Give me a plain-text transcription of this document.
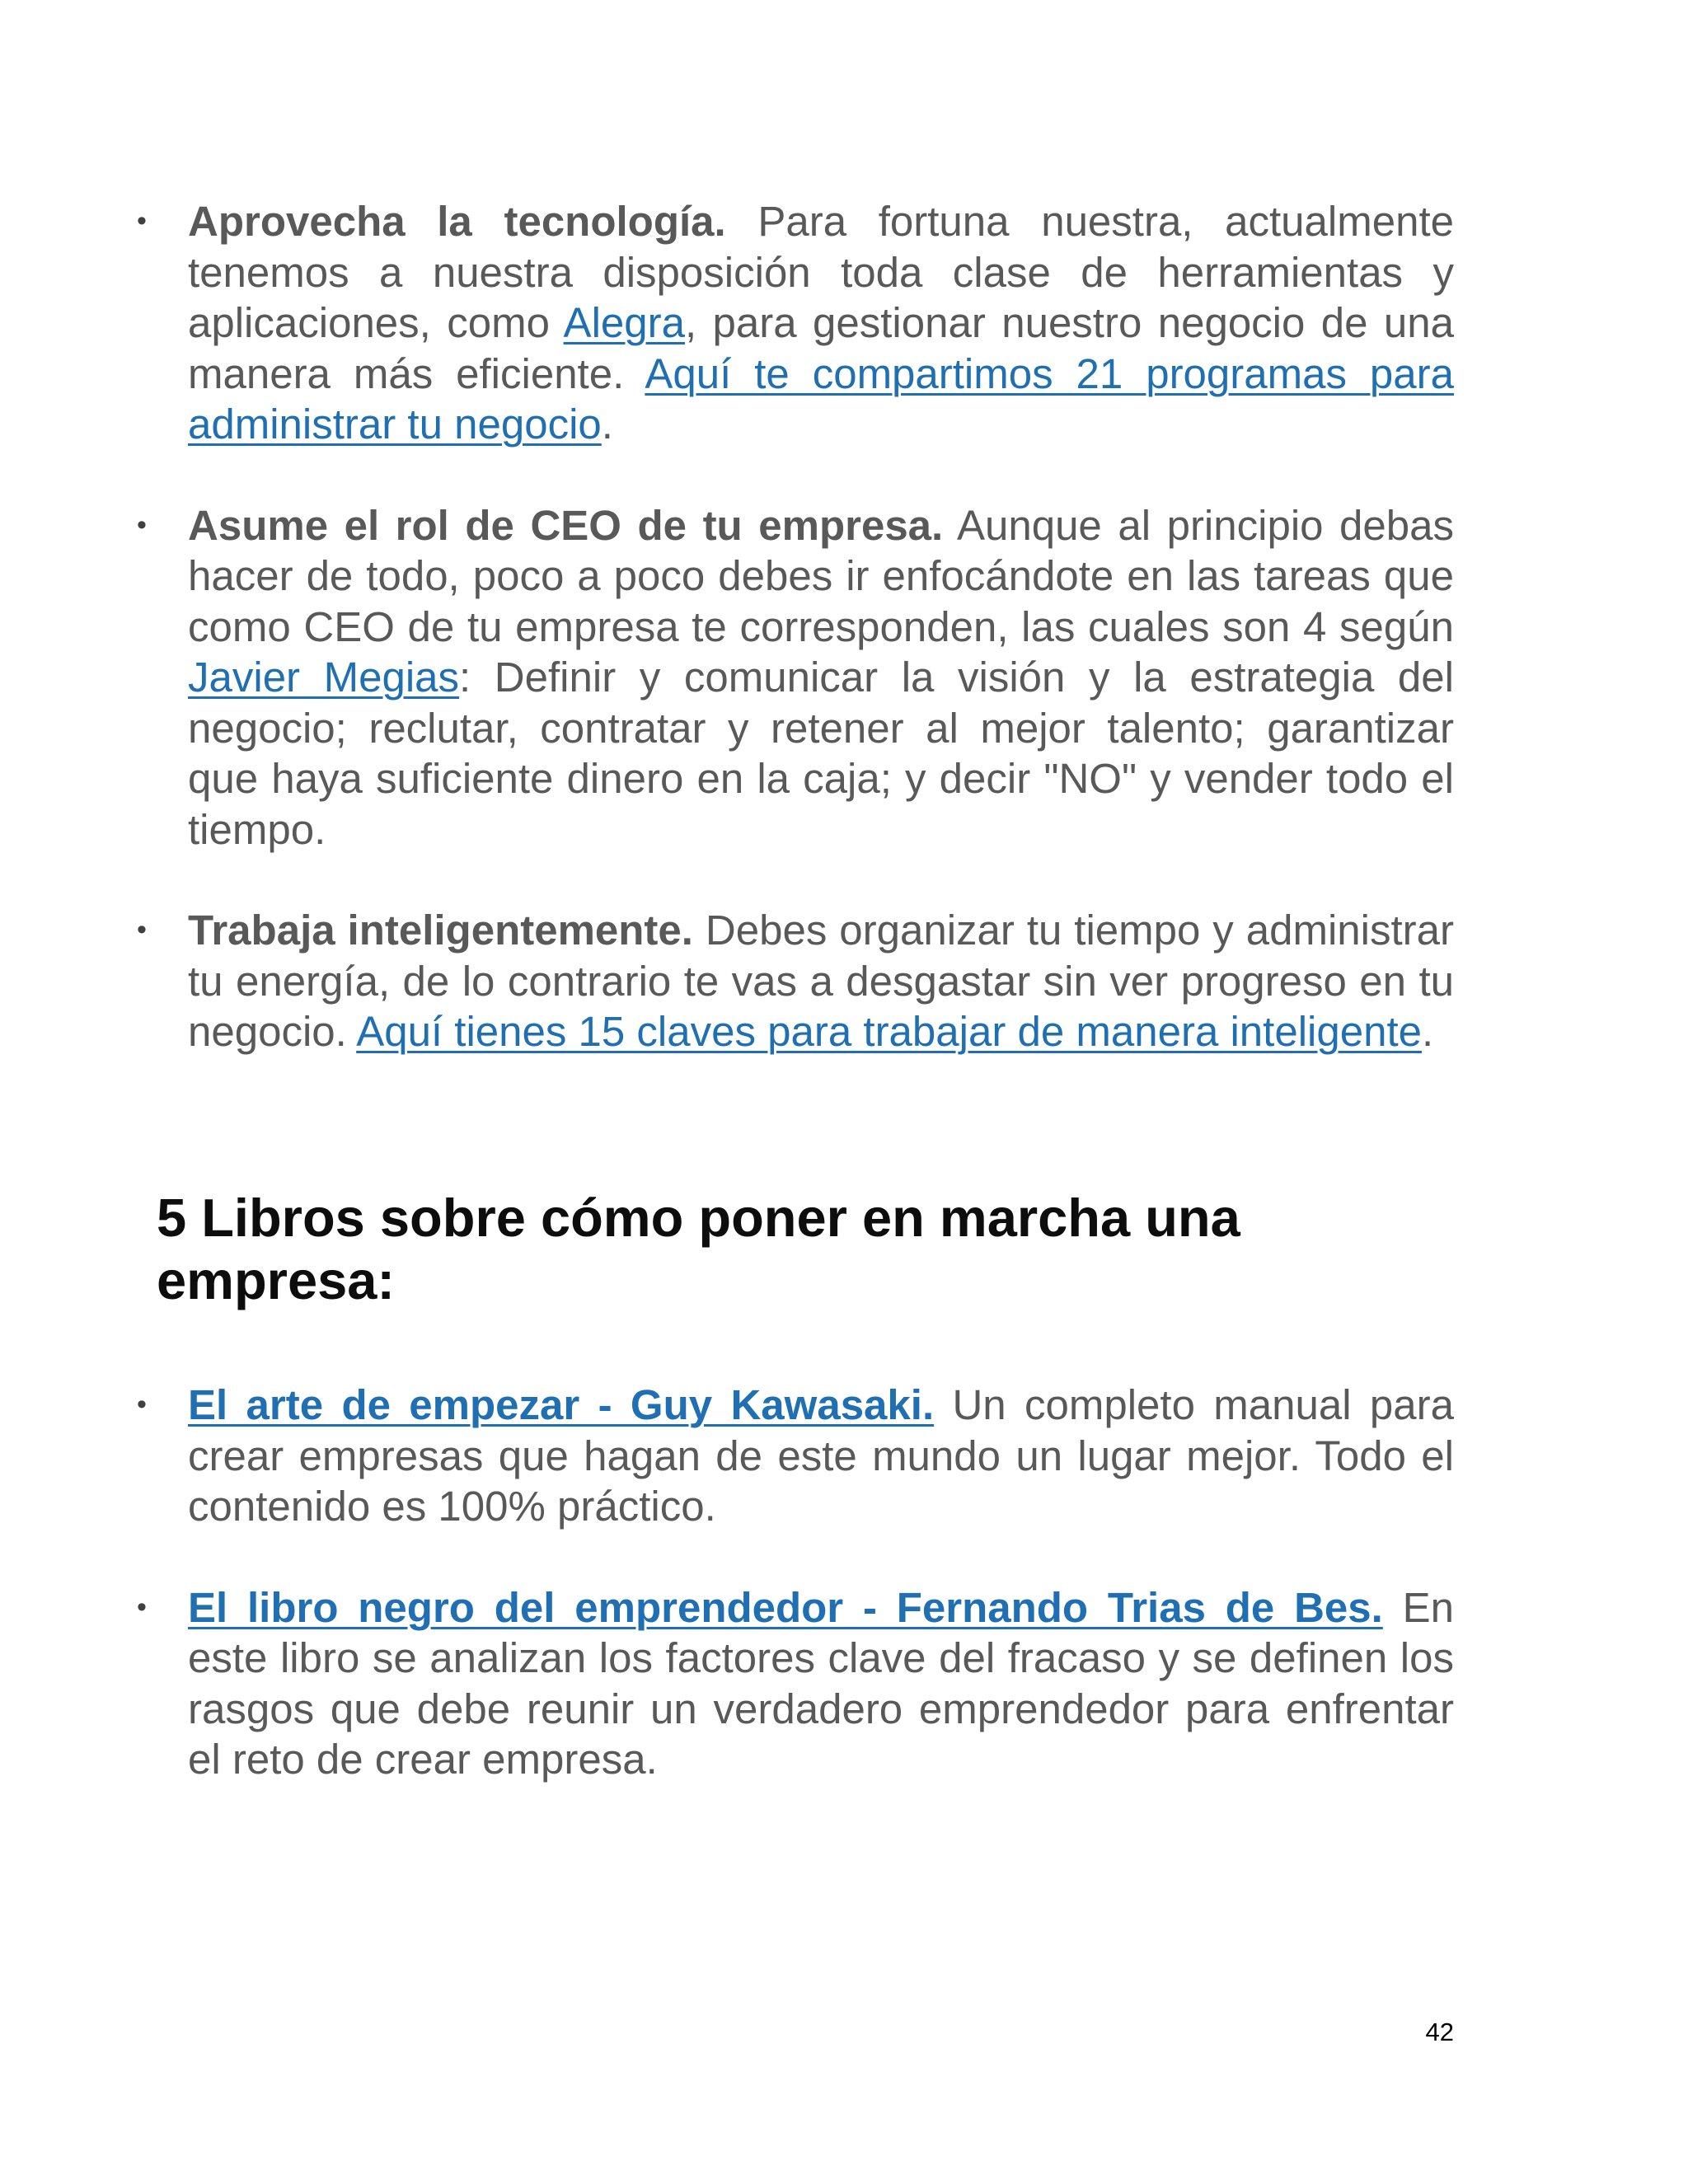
• Aprovecha la tecnología. Para fortuna nuestra, actualmente tenemos a nuestra disposición toda clase de herramientas y aplicaciones, como Alegra, para gestionar nuestro negocio de una manera más eficiente. Aquí te compartimos 21 programas para administrar tu negocio.
• Asume el rol de CEO de tu empresa. Aunque al principio debas hacer de todo, poco a poco debes ir enfocándote en las tareas que como CEO de tu empresa te corresponden, las cuales son 4 según Javier Megias: Definir y comunicar la visión y la estrategia del negocio; reclutar, contratar y retener al mejor talento; garantizar que haya suficiente dinero en la caja; y decir "NO" y vender todo el tiempo.
• Trabaja inteligentemente. Debes organizar tu tiempo y administrar tu energía, de lo contrario te vas a desgastar sin ver progreso en tu negocio. Aquí tienes 15 claves para trabajar de manera inteligente.
5 Libros sobre cómo poner en marcha una empresa:
• El arte de empezar - Guy Kawasaki. Un completo manual para crear empresas que hagan de este mundo un lugar mejor. Todo el contenido es 100% práctico.
• El libro negro del emprendedor - Fernando Trias de Bes. En este libro se analizan los factores clave del fracaso y se definen los rasgos que debe reunir un verdadero emprendedor para enfrentar el reto de crear empresa.
42
